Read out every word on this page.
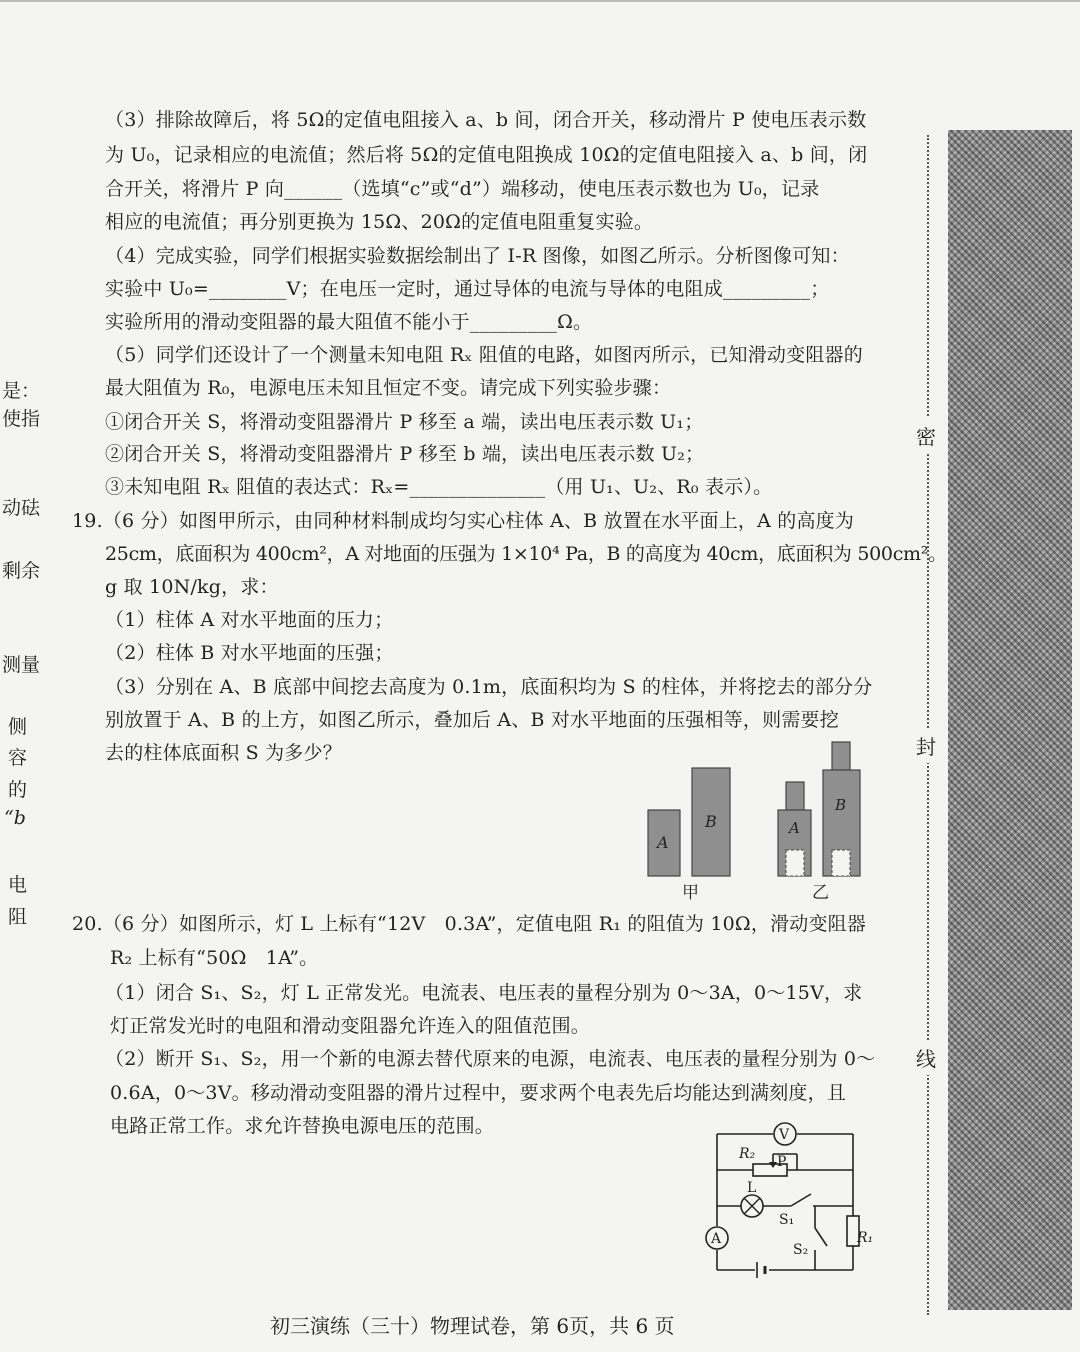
（3）排除故障后，将 5Ω的定值电阻接入 a、b 间，闭合开关，移动滑片 P 使电压表示数
为 U₀，记录相应的电流值；然后将 5Ω的定值电阻换成 10Ω的定值电阻接入 a、b 间，闭
合开关，将滑片 P 向______（选填“c”或“d”）端移动，使电压表示数也为 U₀，记录
相应的电流值；再分别更换为 15Ω、20Ω的定值电阻重复实验。
（4）完成实验，同学们根据实验数据绘制出了 I-R 图像，如图乙所示。分析图像可知：
实验中 U₀=________V；在电压一定时，通过导体的电流与导体的电阻成_________；
实验所用的滑动变阻器的最大阻值不能小于_________Ω。
（5）同学们还设计了一个测量未知电阻 Rₓ 阻值的电路，如图丙所示，已知滑动变阻器的
最大阻值为 R₀，电源电压未知且恒定不变。请完成下列实验步骤：
①闭合开关 S，将滑动变阻器滑片 P 移至 a 端，读出电压表示数 U₁；
②闭合开关 S，将滑动变阻器滑片 P 移至 b 端，读出电压表示数 U₂；
③未知电阻 Rₓ 阻值的表达式：Rₓ=______________（用 U₁、U₂、R₀ 表示）。
19.（6 分）如图甲所示，由同种材料制成均匀实心柱体 A、B 放置在水平面上，A 的高度为
25cm，底面积为 400cm²，A 对地面的压强为 1×10⁴ Pa，B 的高度为 40cm，底面积为 500cm²。
g 取 10N/kg，求：
（1）柱体 A 对水平地面的压力；
（2）柱体 B 对水平地面的压强；
（3）分别在 A、B 底部中间挖去高度为 0.1m，底面积均为 S 的柱体，并将挖去的部分分
别放置于 A、B 的上方，如图乙所示，叠加后 A、B 对水平地面的压强相等，则需要挖
去的柱体底面积 S 为多少？
20.（6 分）如图所示，灯 L 上标有“12V　0.3A”，定值电阻 R₁ 的阻值为 10Ω，滑动变阻器
R₂ 上标有“50Ω　1A”。
（1）闭合 S₁、S₂，灯 L 正常发光。电流表、电压表的量程分别为 0～3A，0～15V，求
灯正常发光时的电阻和滑动变阻器允许连入的阻值范围。
（2）断开 S₁、S₂，用一个新的电源去替代原来的电源，电流表、电压表的量程分别为 0～
0.6A，0～3V。移动滑动变阻器的滑片过程中，要求两个电表先后均能达到满刻度，且
电路正常工作。求允许替换电源电压的范围。
是：
使指
动砝
剩余
测量
侧
容
的
“b
电
阻
A
B
甲
A
B
乙
V
A
R₂ P
L
S₁
S₂
R₁
密
封
线
初三演练（三十）物理试卷，第 6页，共 6 页
